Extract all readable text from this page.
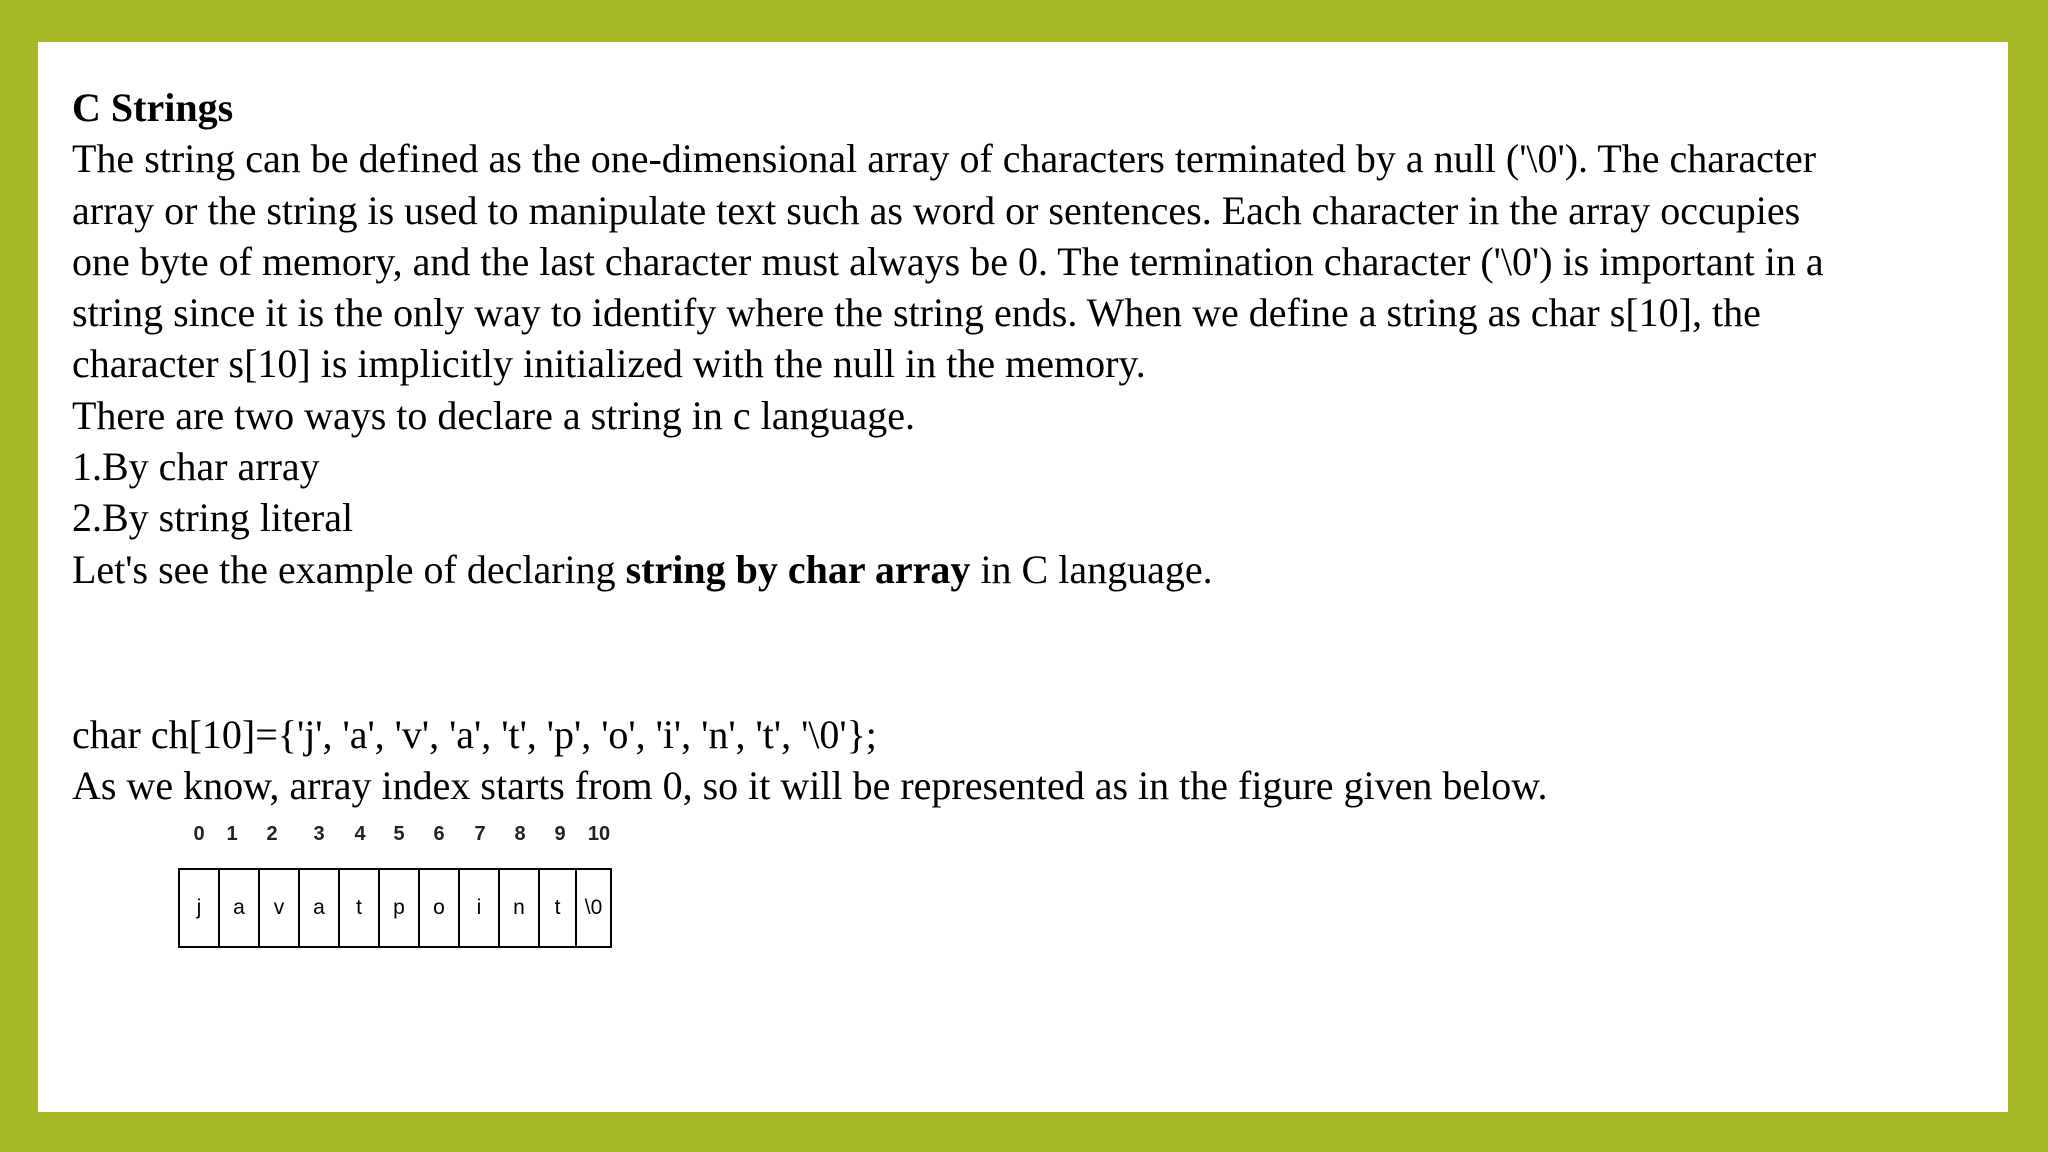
C Strings
The string can be defined as the one-dimensional array of characters terminated by a null ('\0'). The character
array or the string is used to manipulate text such as word or sentences. Each character in the array occupies
one byte of memory, and the last character must always be 0. The termination character ('\0') is important in a
string since it is the only way to identify where the string ends. When we define a string as char s[10], the
character s[10] is implicitly initialized with the null in the memory.
There are two ways to declare a string in c language.
1.By char array
2.By string literal
Let's see the example of declaring string by char array in C language.
char ch[10]={'j', 'a', 'v', 'a', 't', 'p', 'o', 'i', 'n', 't', '\0'};
As we know, array index starts from 0, so it will be represented as in the figure given below.
0 1 2 3 4 5 6 7 8 9 10
j	a	v	a	t	p	o	i	n	t	\0
